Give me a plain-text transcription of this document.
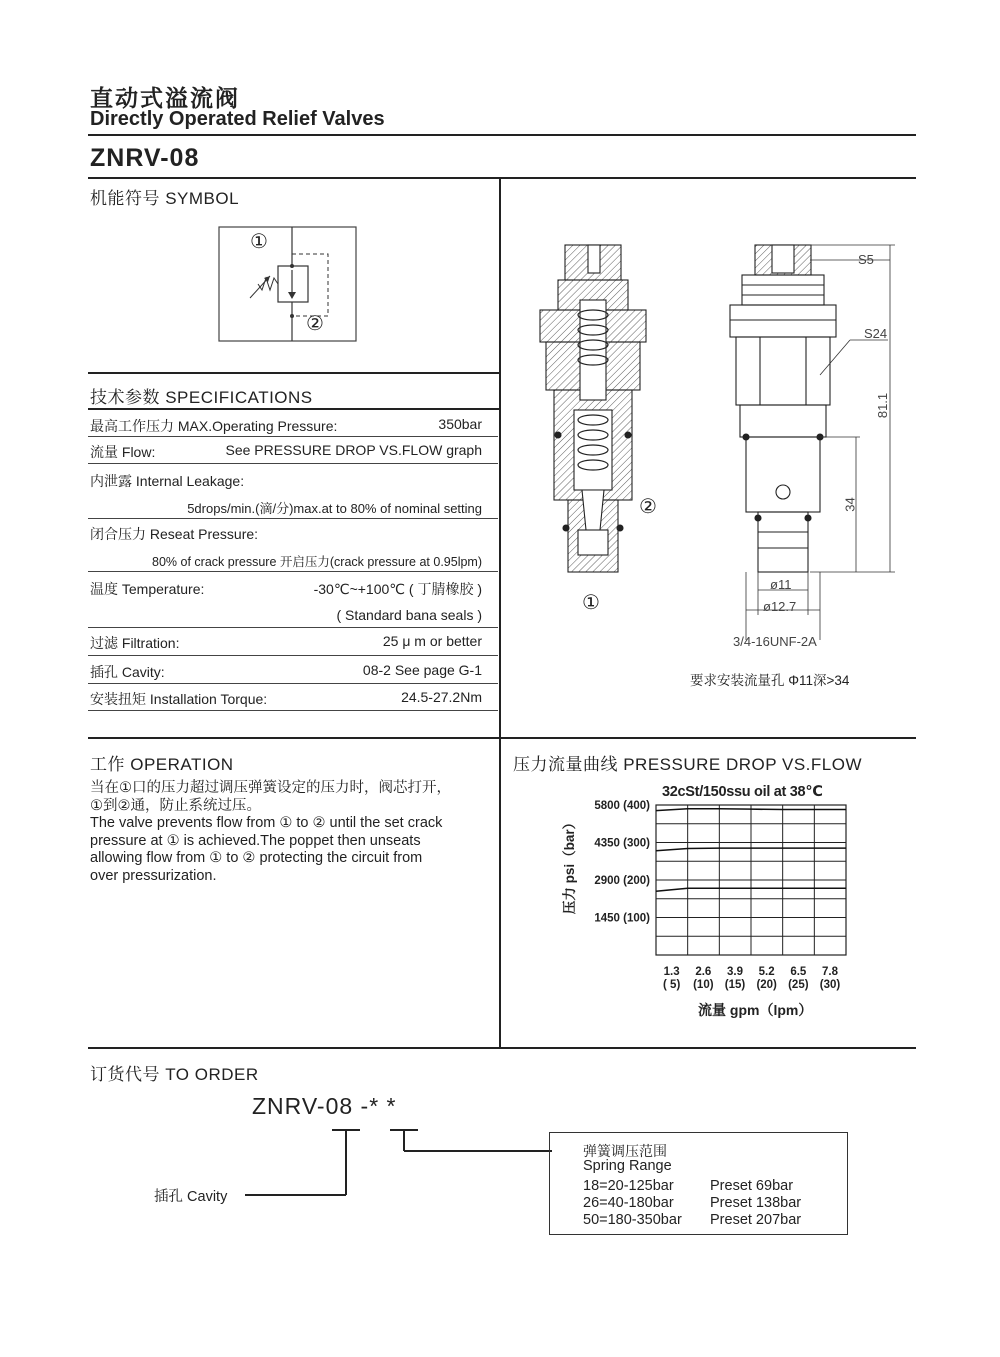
直动式溢流阀
Directly Operated Relief Valves
ZNRV-08
机能符号 SYMBOL
①
②
技术参数 SPECIFICATIONS
最高工作压力 MAX.Operating Pressure:	350bar
流量 Flow:	See PRESSURE DROP VS.FLOW graph
内泄露 Internal Leakage:
5drops/min.(滴/分)max.at to 80% of nominal setting
闭合压力 Reseat Pressure:
80% of crack pressure 开启压力(crack pressure at 0.95lpm)
温度 Temperature:	-30℃~+100℃ ( 丁腈橡胶 )
( Standard bana seals )
过滤 Filtration:	25 μ m or better
插孔 Cavity:	08-2 See page G-1
安装扭矩 Installation Torque:	24.5-27.2Nm
S5
S24
81.1
34
ø11
ø12.7
3/4-16UNF-2A
①
②
要求安装流量孔 Φ11深>34
工作 OPERATION
当在①口的压力超过调压弹簧设定的压力时，阀芯打开，
①到②通，防止系统过压。
The valve prevents flow from ① to ② until the set crack
pressure at ① is achieved.The poppet then unseats
allowing flow from ① to ② protecting the circuit from
over pressurization.
压力流量曲线 PRESSURE DROP VS.FLOW
32cSt/150ssu oil at 38℃
压力 psi（bar）
流量 gpm（lpm）
5800 (400)
4350 (300)
2900 (200)
1450 (100)
1.3
( 5)
2.6
(10)
3.9
(15)
5.2
(20)
6.5
(25)
7.8
(30)
订货代号 TO ORDER
ZNRV-08 -* *
插孔 Cavity
弹簧调压范围
Spring Range
18=20-125bar	Preset 69bar
26=40-180bar	Preset 138bar
50=180-350bar Preset 207bar
